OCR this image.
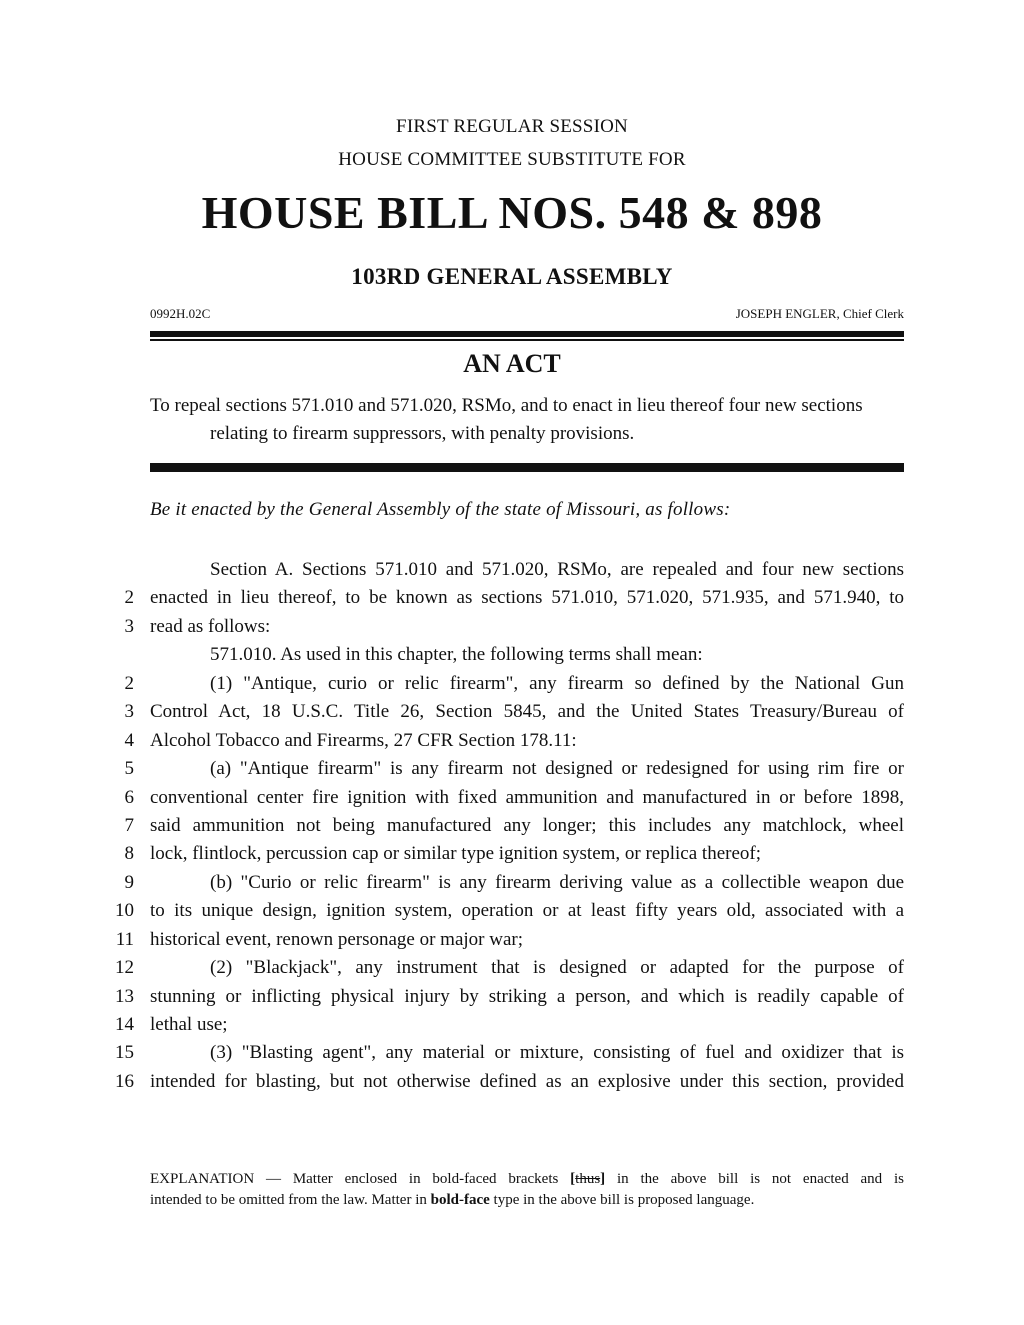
FIRST REGULAR SESSION
HOUSE COMMITTEE SUBSTITUTE FOR
HOUSE BILL NOS. 548 & 898
103RD GENERAL ASSEMBLY
0992H.02C	JOSEPH ENGLER, Chief Clerk
AN ACT
To repeal sections 571.010 and 571.020, RSMo, and to enact in lieu thereof four new sections
relating to firearm suppressors, with penalty provisions.
Be it enacted by the General Assembly of the state of Missouri, as follows:
Section A. Sections 571.010 and 571.020, RSMo, are repealed and four new sections
2 enacted in lieu thereof, to be known as sections 571.010, 571.020, 571.935, and 571.940, to
3 read as follows:
571.010. As used in this chapter, the following terms shall mean:
2	(1) "Antique, curio or relic firearm", any firearm so defined by the National Gun
3 Control Act, 18 U.S.C. Title 26, Section 5845, and the United States Treasury/Bureau of
4 Alcohol Tobacco and Firearms, 27 CFR Section 178.11:
5	(a) "Antique firearm" is any firearm not designed or redesigned for using rim fire or
6 conventional center fire ignition with fixed ammunition and manufactured in or before 1898,
7 said ammunition not being manufactured any longer; this includes any matchlock, wheel
8 lock, flintlock, percussion cap or similar type ignition system, or replica thereof;
9	(b) "Curio or relic firearm" is any firearm deriving value as a collectible weapon due
10 to its unique design, ignition system, operation or at least fifty years old, associated with a
11 historical event, renown personage or major war;
12	(2) "Blackjack", any instrument that is designed or adapted for the purpose of
13 stunning or inflicting physical injury by striking a person, and which is readily capable of
14 lethal use;
15	(3) "Blasting agent", any material or mixture, consisting of fuel and oxidizer that is
16 intended for blasting, but not otherwise defined as an explosive under this section, provided
EXPLANATION — Matter enclosed in bold-faced brackets [thus] in the above bill is not enacted and is
intended to be omitted from the law. Matter in bold-face type in the above bill is proposed language.
